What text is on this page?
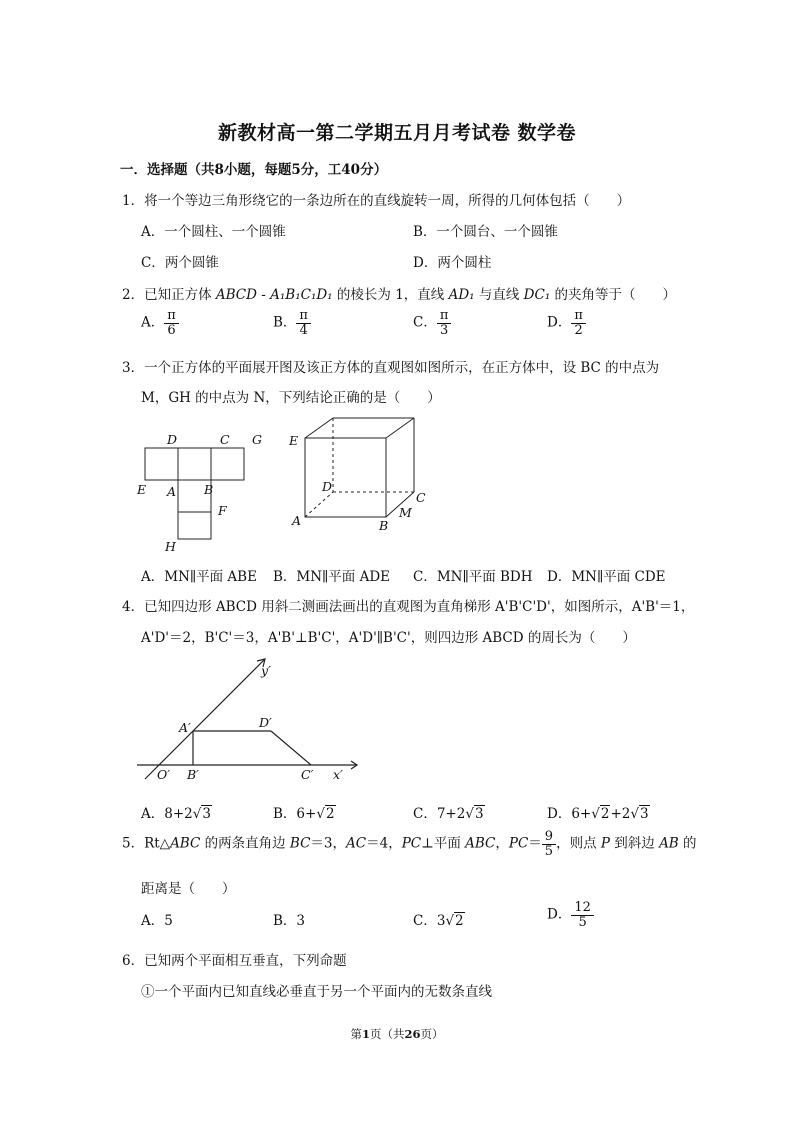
新教材高一第二学期五月月考试卷 数学卷
一．选择题（共8小题，每题5分，工40分）
1．将一个等边三角形绕它的一条边所在的直线旋转一周，所得的几何体包括（　　）
A．一个圆柱、一个圆锥	B．一个圆台、一个圆锥
C．两个圆锥	D．两个圆柱
2．已知正方体 ABCD - A₁B₁C₁D₁ 的棱长为 1，直线 AD₁ 与直线 DC₁ 的夹角等于（　　）
A． $\frac{\pi}{6}$	B． $\frac{\pi}{4}$	C． $\frac{\pi}{3}$	D． $\frac{\pi}{2}$
3．一个正方体的平面展开图及该正方体的直观图如图所示，在正方体中，设 BC 的中点为
M，GH 的中点为 N，下列结论正确的是（　　）
D	C G
E A B
F
H
E
D
C
A	B
M
A．MN∥平面 ABE B．MN∥平面 ADE C．MN∥平面 BDH D．MN∥平面 CDE
4．已知四边形 ABCD 用斜二测画法画出的直观图为直角梯形 A'B'C'D'，如图所示，A'B'＝1，
A'D'＝2，B'C'＝3，A'B'⊥B'C'，A'D'∥B'C'，则四边形 ABCD 的周长为（　　）
y′
x′
A′	D′
O′ B′	C′
A．8+2√3	B．6+√2	C．7+2√3	D．6+√2+2√3
5．Rt△ABC 的两条直角边 BC＝3，AC＝4，PC⊥平面 ABC，$PC= \frac{9}{5}$ ，则点 P 到斜边 AB 的
距离是（　　）
A．5	B．3	C．3√2	D． $\frac{12}{5}$
6．已知两个平面相互垂直，下列命题
①一个平面内已知直线必垂直于另一个平面内的无数条直线
第1页（共26页）
